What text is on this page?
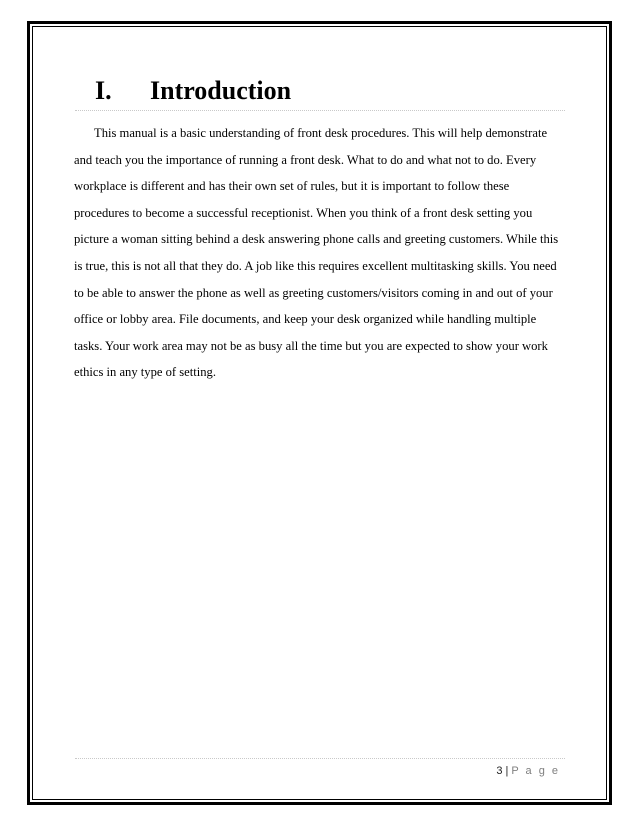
I. Introduction
This manual is a basic understanding of front desk procedures. This will help demonstrate
and teach you the importance of running a front desk. What to do and what not to do. Every
workplace is different and has their own set of rules, but it is important to follow these
procedures to become a successful receptionist. When you think of a front desk setting you
picture a woman sitting behind a desk answering phone calls and greeting customers. While this
is true, this is not all that they do. A job like this requires excellent multitasking skills. You need
to be able to answer the phone as well as greeting customers/visitors coming in and out of your
office or lobby area. File documents, and keep your desk organized while handling multiple
tasks. Your work area may not be as busy all the time but you are expected to show your work
ethics in any type of setting.
3 | P a g e
